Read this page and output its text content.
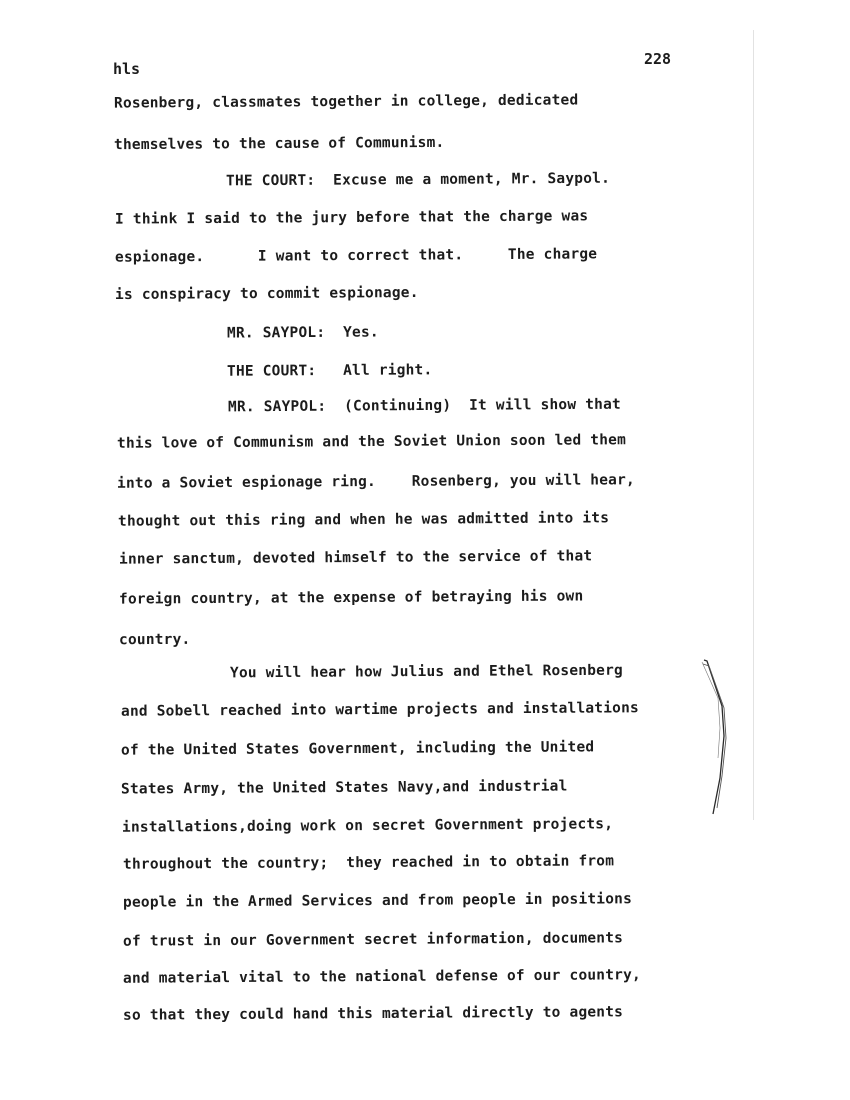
hls
228
Rosenberg, classmates together in college, dedicated
themselves to the cause of Communism.
THE COURT:  Excuse me a moment, Mr. Saypol.
I think I said to the jury before that the charge was
espionage.      I want to correct that.     The charge
is conspiracy to commit espionage.
MR. SAYPOL:  Yes.
THE COURT:   All right.
MR. SAYPOL:  (Continuing)  It will show that
this love of Communism and the Soviet Union soon led them
into a Soviet espionage ring.    Rosenberg, you will hear,
thought out this ring and when he was admitted into its
inner sanctum, devoted himself to the service of that
foreign country, at the expense of betraying his own
country.
You will hear how Julius and Ethel Rosenberg
and Sobell reached into wartime projects and installations
of the United States Government, including the United
States Army, the United States Navy,and industrial
installations,doing work on secret Government projects,
throughout the country;  they reached in to obtain from
people in the Armed Services and from people in positions
of trust in our Government secret information, documents
and material vital to the national defense of our country,
so that they could hand this material directly to agents
